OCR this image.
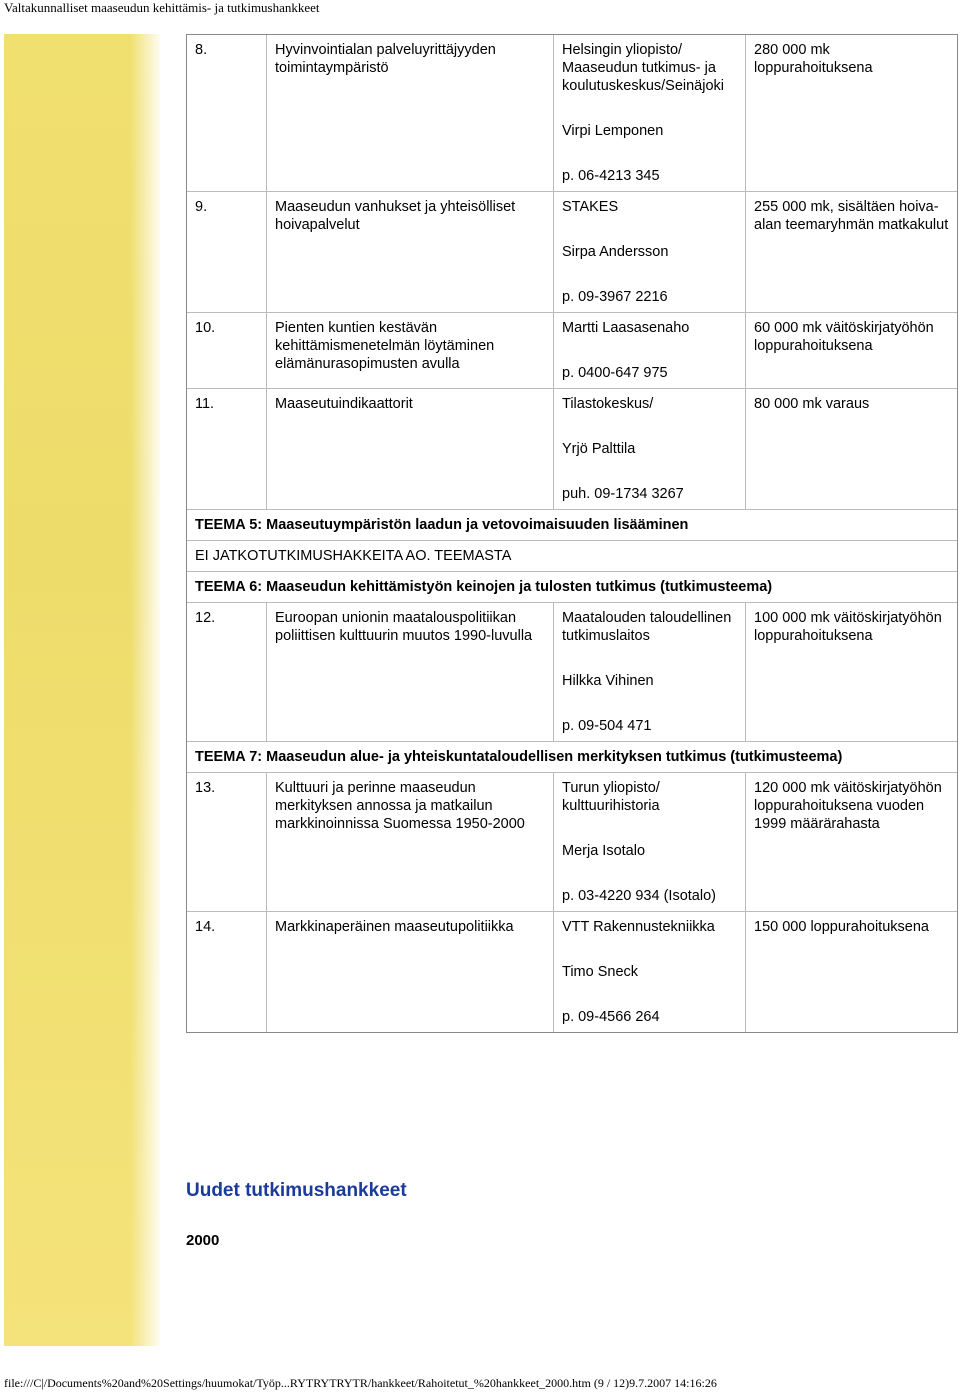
Valtakunnalliset maaseudun kehittämis- ja tutkimushankkeet
8.	Hyvinvointialan palveluyrittäjyyden toimintaympäristö	Helsingin yliopisto/ Maaseudun tutkimus- ja koulutuskeskus/Seinäjoki
Virpi Lemponen
p. 06-4213 345	280 000 mk loppurahoituksena
9.	Maaseudun vanhukset ja yhteisölliset hoivapalvelut	STAKES
Sirpa Andersson
p. 09-3967 2216	255 000 mk, sisältäen hoiva-alan teemaryhmän matkakulut
10.	Pienten kuntien kestävän kehittämismenetelmän löytäminen elämänurasopimusten avulla	Martti Laasasenaho
p. 0400-647 975	60 000 mk väitöskirjatyöhön loppurahoituksena
11.	Maaseutuindikaattorit	Tilastokeskus/
Yrjö Palttila
puh. 09-1734 3267	80 000 mk varaus
TEEMA 5: Maaseutuympäristön laadun ja vetovoimaisuuden lisääminen			
EI JATKOTUTKIMUSHAKKEITA AO. TEEMASTA			
TEEMA 6: Maaseudun kehittämistyön keinojen ja tulosten tutkimus (tutkimusteema)			
12.	Euroopan unionin maatalouspolitiikan poliittisen kulttuurin muutos 1990-luvulla	Maatalouden taloudellinen tutkimuslaitos
Hilkka Vihinen
p. 09-504 471	100 000 mk väitöskirjatyöhön loppurahoituksena
TEEMA 7: Maaseudun alue- ja yhteiskuntataloudellisen merkityksen tutkimus (tutkimusteema)			
13.	Kulttuuri ja perinne maaseudun merkityksen annossa ja matkailun markkinoinnissa Suomessa 1950-2000	Turun yliopisto/ kulttuurihistoria
Merja Isotalo
p. 03-4220 934 (Isotalo)	120 000 mk väitöskirjatyöhön loppurahoituksena vuoden 1999 määrärahasta
14.	Markkinaperäinen maaseutupolitiikka	VTT Rakennustekniikka
Timo Sneck
p. 09-4566 264	150 000 loppurahoituksena
Uudet tutkimushankkeet
2000
file:///C|/Documents%20and%20Settings/huumokat/Työp...RYTRYTRYTR/hankkeet/Rahoitetut_%20hankkeet_2000.htm (9 / 12)9.7.2007 14:16:26
